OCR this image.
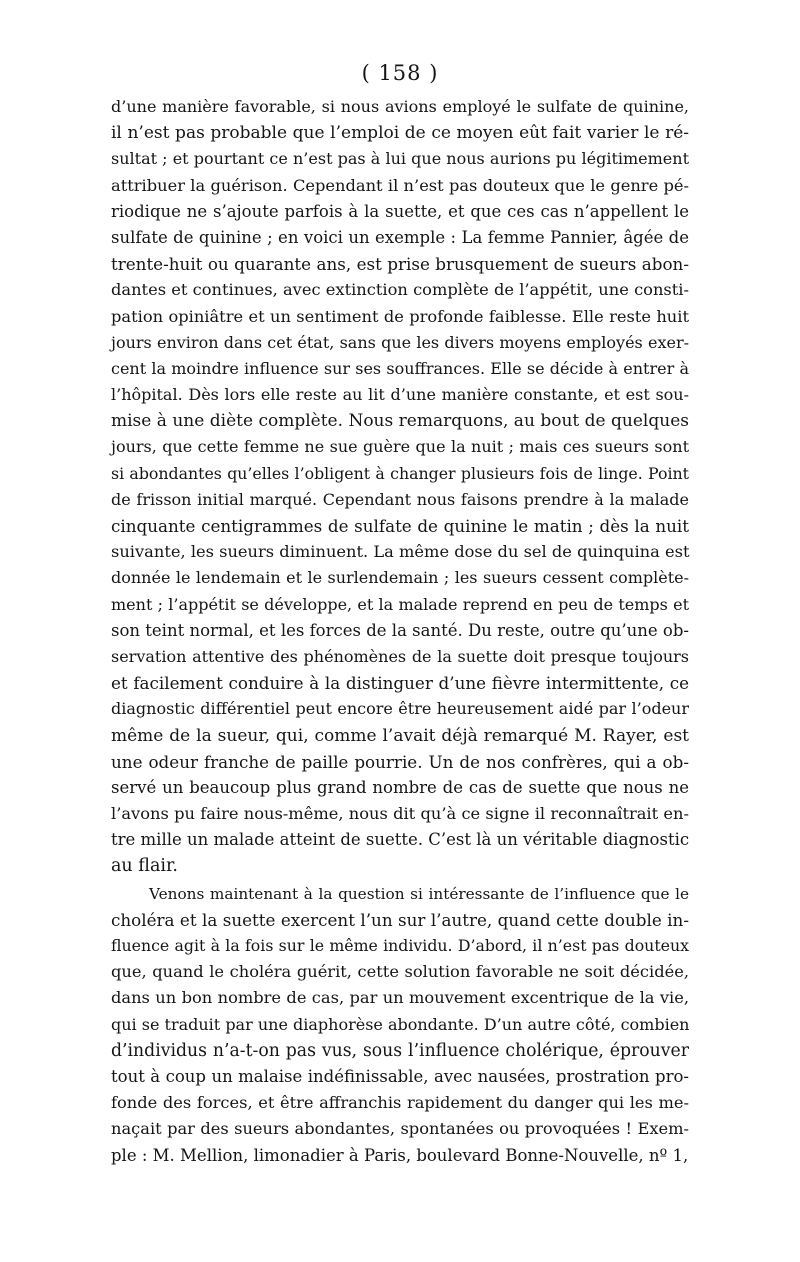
( 158 )
d’une manière favorable, si nous avions employé le sulfate de quinine,
il n’est pas probable que l’emploi de ce moyen eût fait varier le ré-
sultat ; et pourtant ce n’est pas à lui que nous aurions pu légitimement
attribuer la guérison. Cependant il n’est pas douteux que le genre pé-
riodique ne s’ajoute parfois à la suette, et que ces cas n’appellent le
sulfate de quinine ; en voici un exemple : La femme Pannier, âgée de
trente-huit ou quarante ans, est prise brusquement de sueurs abon-
dantes et continues, avec extinction complète de l’appétit, une consti-
pation opiniâtre et un sentiment de profonde faiblesse. Elle reste huit
jours environ dans cet état, sans que les divers moyens employés exer-
cent la moindre influence sur ses souffrances. Elle se décide à entrer à
l’hôpital. Dès lors elle reste au lit d’une manière constante, et est sou-
mise à une diète complète. Nous remarquons, au bout de quelques
jours, que cette femme ne sue guère que la nuit ; mais ces sueurs sont
si abondantes qu’elles l’obligent à changer plusieurs fois de linge. Point
de frisson initial marqué. Cependant nous faisons prendre à la malade
cinquante centigrammes de sulfate de quinine le matin ; dès la nuit
suivante, les sueurs diminuent. La même dose du sel de quinquina est
donnée le lendemain et le surlendemain ; les sueurs cessent complète-
ment ; l’appétit se développe, et la malade reprend en peu de temps et
son teint normal, et les forces de la santé. Du reste, outre qu’une ob-
servation attentive des phénomènes de la suette doit presque toujours
et facilement conduire à la distinguer d’une fièvre intermittente, ce
diagnostic différentiel peut encore être heureusement aidé par l’odeur
même de la sueur, qui, comme l’avait déjà remarqué M. Rayer, est
une odeur franche de paille pourrie. Un de nos confrères, qui a ob-
servé un beaucoup plus grand nombre de cas de suette que nous ne
l’avons pu faire nous-même, nous dit qu’à ce signe il reconnaîtrait en-
tre mille un malade atteint de suette. C’est là un véritable diagnostic
au flair.
Venons maintenant à la question si intéressante de l’influence que le
choléra et la suette exercent l’un sur l’autre, quand cette double in-
fluence agit à la fois sur le même individu. D’abord, il n’est pas douteux
que, quand le choléra guérit, cette solution favorable ne soit décidée,
dans un bon nombre de cas, par un mouvement excentrique de la vie,
qui se traduit par une diaphorèse abondante. D’un autre côté, combien
d’individus n’a-t-on pas vus, sous l’influence cholérique, éprouver
tout à coup un malaise indéfinissable, avec nausées, prostration pro-
fonde des forces, et être affranchis rapidement du danger qui les me-
naçait par des sueurs abondantes, spontanées ou provoquées ! Exem-
ple : M. Mellion, limonadier à Paris, boulevard Bonne-Nouvelle, nº 1,
